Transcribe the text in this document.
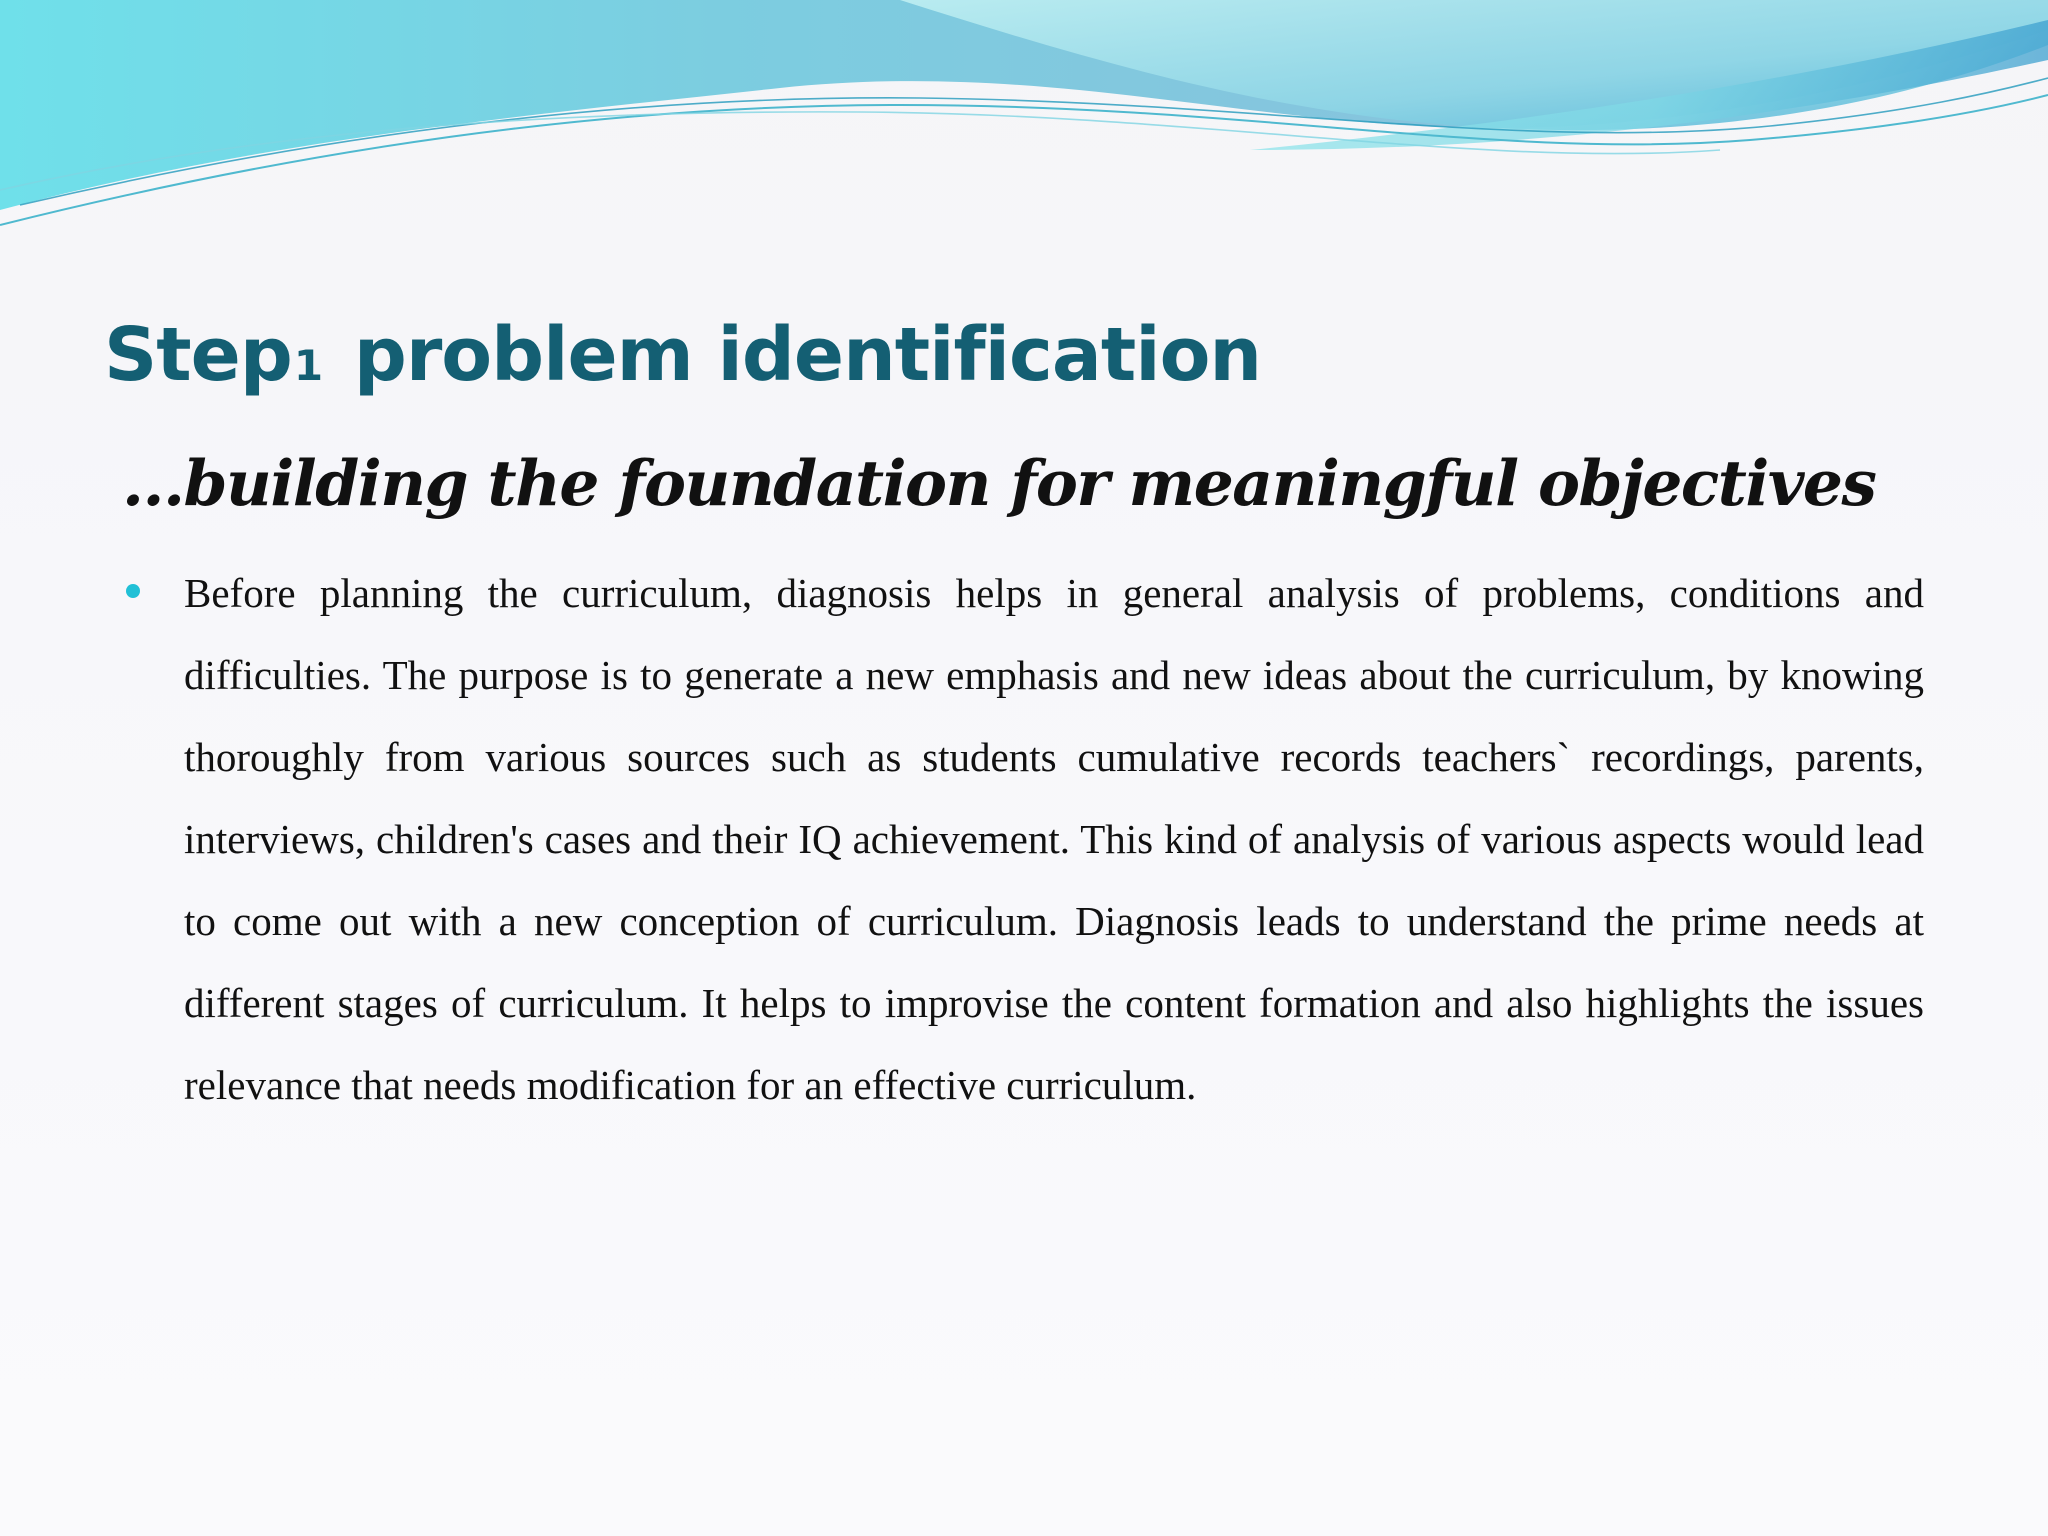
Step1 problem identification
…building the foundation for meaningful objectives
Before planning the curriculum, diagnosis helps in general analysis of problems, conditions and difficulties. The purpose is to generate a new emphasis and new ideas about the curriculum, by knowing thoroughly from various sources such as students cumulative records teachers` recordings, parents, interviews, children's cases and their IQ achievement. This kind of analysis of various aspects would lead to come out with a new conception of curriculum. Diagnosis leads to understand the prime needs at different stages of curriculum. It helps to improvise the content formation and also highlights the issues relevance that needs modification for an effective curriculum.
